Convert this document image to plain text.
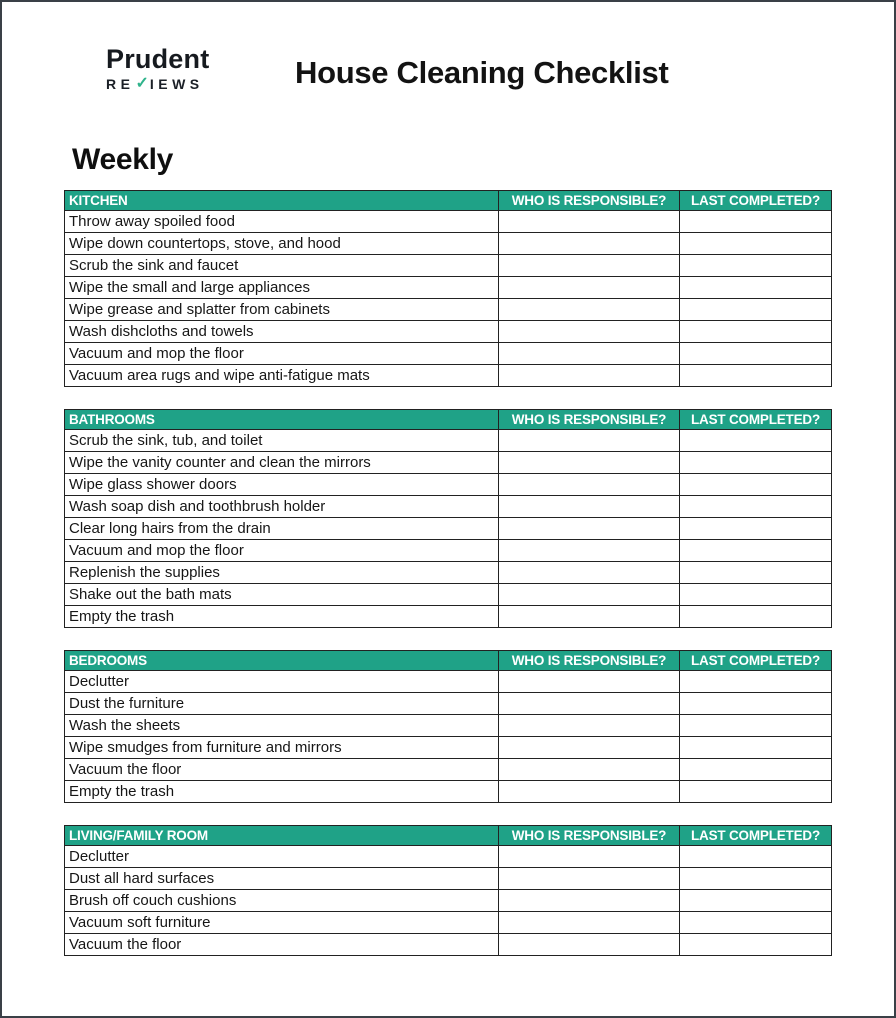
Prudent
RE ✓ IEWS	House Cleaning Checklist
Weekly
KITCHEN	WHO IS RESPONSIBLE?	LAST COMPLETED?
Throw away spoiled food		
Wipe down countertops, stove, and hood		
Scrub the sink and faucet		
Wipe the small and large appliances		
Wipe grease and splatter from cabinets		
Wash dishcloths and towels		
Vacuum and mop the floor		
Vacuum area rugs and wipe anti-fatigue mats		
BATHROOMS	WHO IS RESPONSIBLE?	LAST COMPLETED?
Scrub the sink, tub, and toilet		
Wipe the vanity counter and clean the mirrors		
Wipe glass shower doors		
Wash soap dish and toothbrush holder		
Clear long hairs from the drain		
Vacuum and mop the floor		
Replenish the supplies		
Shake out the bath mats		
Empty the trash		
BEDROOMS	WHO IS RESPONSIBLE?	LAST COMPLETED?
Declutter		
Dust the furniture		
Wash the sheets		
Wipe smudges from furniture and mirrors		
Vacuum the floor		
Empty the trash		
LIVING/FAMILY ROOM	WHO IS RESPONSIBLE?	LAST COMPLETED?
Declutter		
Dust all hard surfaces		
Brush off couch cushions		
Vacuum soft furniture		
Vacuum the floor		
